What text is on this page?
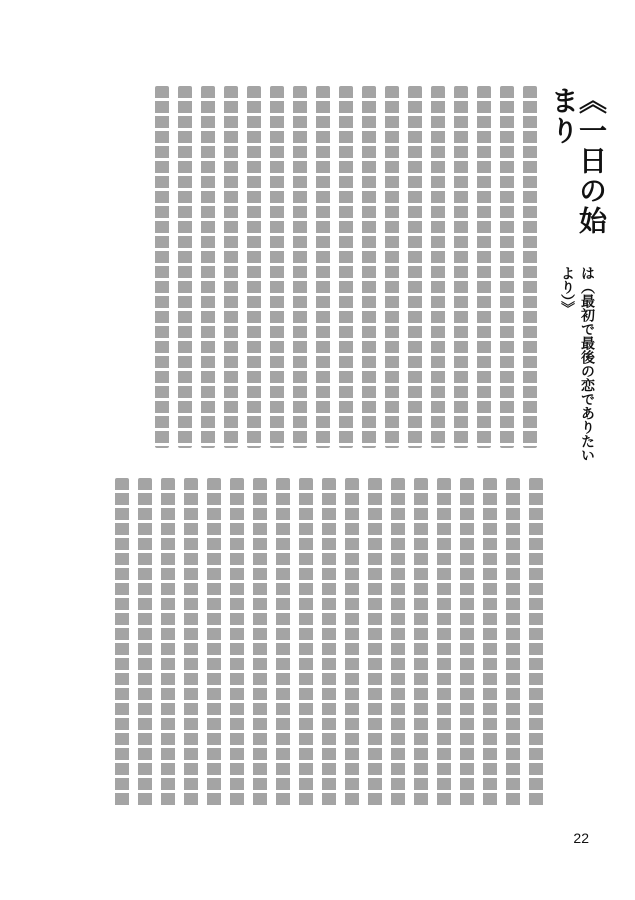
《一日の始まり
は（最初で最後の恋でありたいより）》
22
